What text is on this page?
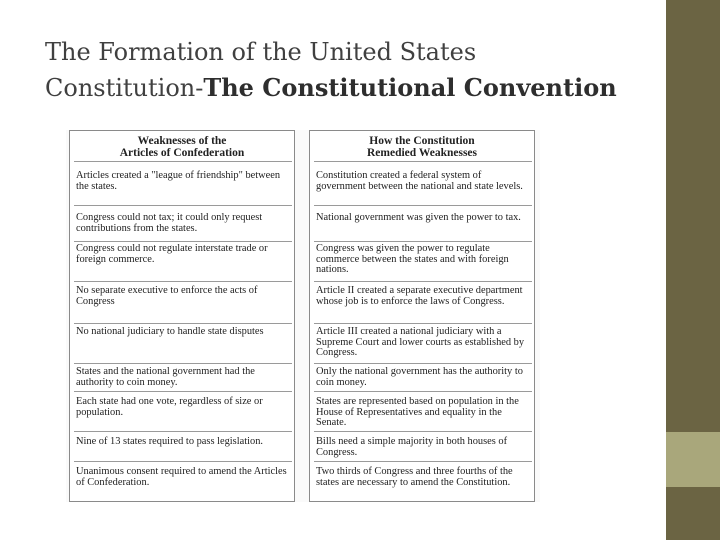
The Formation of the United States
Constitution-The Constitutional Convention
Weaknesses of the
Articles of Confederation
Articles created a "league of friendship" between the states.
Congress could not tax; it could only request contributions from the states.
Congress could not regulate interstate trade or foreign commerce.
No separate executive to enforce the acts of Congress
No national judiciary to handle state disputes
States and the national government had the authority to coin money.
Each state had one vote, regardless of size or population.
Nine of 13 states required to pass legislation.
Unanimous consent required to amend the Articles of Confederation.
How the Constitution
Remedied Weaknesses
Constitution created a federal system of government between the national and state levels.
National government was given the power to tax.
Congress was given the power to regulate commerce between the states and with foreign nations.
Article II created a separate executive department whose job is to enforce the laws of Congress.
Article III created a national judiciary with a Supreme Court and lower courts as established by Congress.
Only the national government has the authority to coin money.
States are represented based on population in the House of Representatives and equality in the Senate.
Bills need a simple majority in both houses of Congress.
Two thirds of Congress and three fourths of the states are necessary to amend the Constitution.
